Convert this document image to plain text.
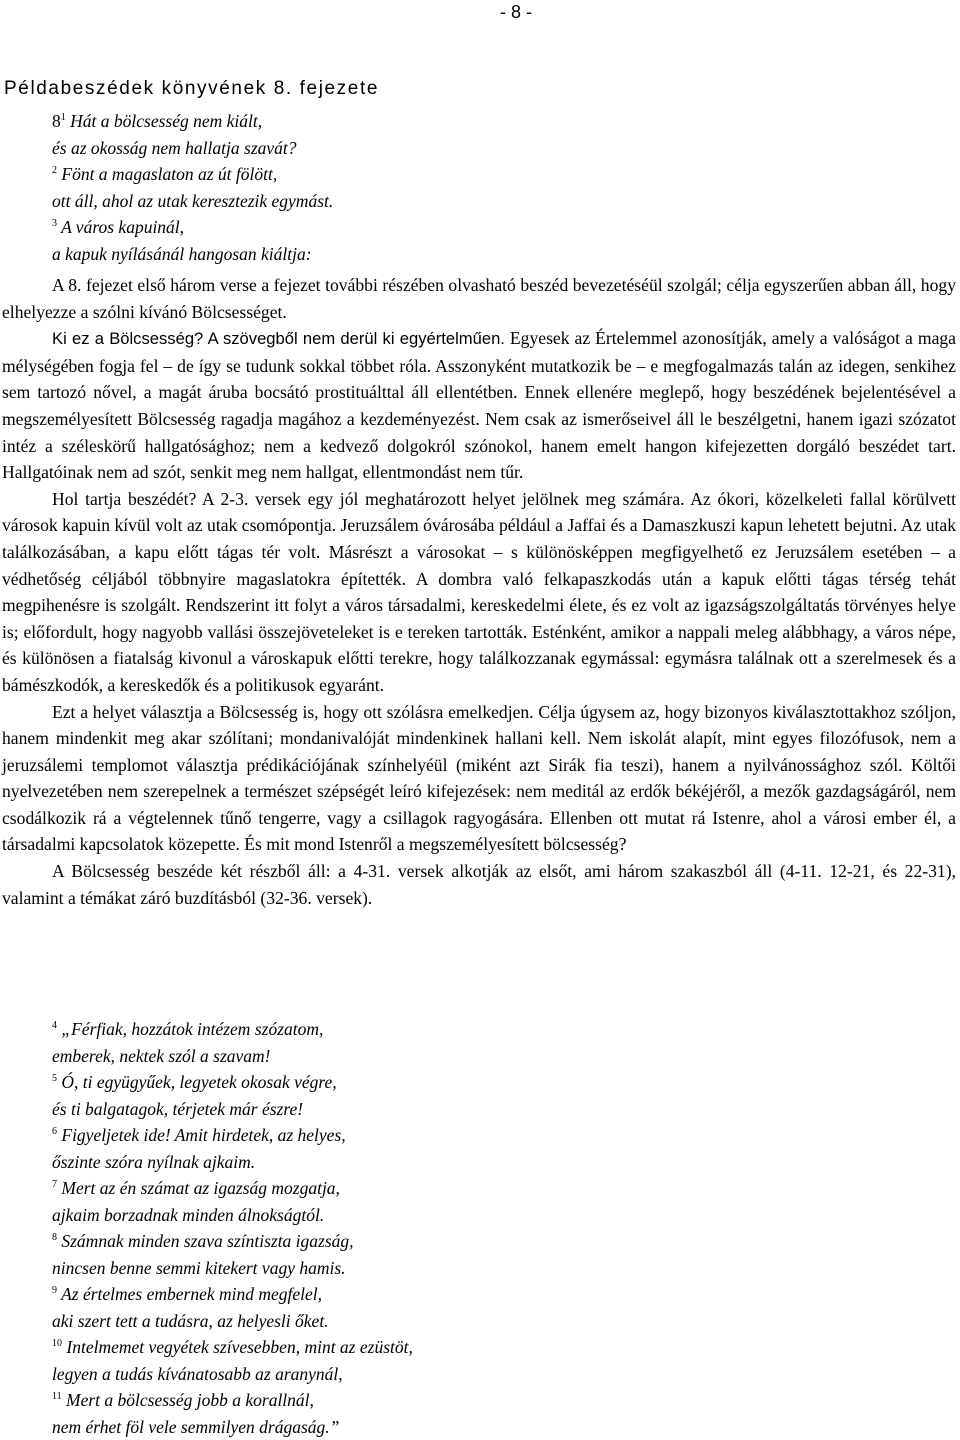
- 8 -
Példabeszédek könyvének 8. fejezete
$8^1$ Hát a bölcsesség nem kiált,
és az okosság nem hallatja szavát?
$^2$ Fönt a magaslaton az út fölött,
ott áll, ahol az utak keresztezik egymást.
$^3$ A város kapuinál,
a kapuk nyílásánál hangosan kiáltja:

A 8. fejezet első három verse a fejezet további részében olvasható beszéd bevezetéséül szolgál; célja egyszerűen abban áll, hogy elhelyezze a szólni kívánó Bölcsességet.

Ki ez a Bölcsesség? A szövegből nem derül ki egyértelműen. Egyesek az Értelemmel azonosítják, amely a valóságot a maga mélységében fogja fel – de így se tudunk sokkal többet róla. Asszonyként mutatkozik be – e megfogalmazás talán az idegen, senkihez sem tartozó nővel, a magát áruba bocsátó prostituálttal áll ellentétben. Ennek ellenére meglepő, hogy beszédének bejelentésével a megszemélyesített Bölcsesség ragadja magához a kezdeményezést. Nem csak az ismerőseivel áll le beszélgetni, hanem igazi szózatot intéz a széleskörű hallgatósághoz; nem a kedvező dolgokról szónokol, hanem emelt hangon kifejezetten dorgáló beszédet tart. Hallgatóinak nem ad szót, senkit meg nem hallgat, ellentmondást nem tűr.

Hol tartja beszédét? A 2-3. versek egy jól meghatározott helyet jelölnek meg számára. Az ókori, közelkeleti fallal körülvett városok kapuin kívül volt az utak csomópontja. Jeruzsálem óvárosába például a Jaffai és a Damaszkuszi kapun lehetett bejutni. Az utak találkozásában, a kapu előtt tágas tér volt. Másrészt a városokat – s különösképpen megfigyelhető ez Jeruzsálem esetében – a védhetőség céljából többnyire magaslatokra építették. A dombra való felkapaszkodás után a kapuk előtti tágas térség tehát megpihenésre is szolgált. Rendszerint itt folyt a város társadalmi, kereskedelmi élete, és ez volt az igazságszolgáltatás törvényes helye is; előfordult, hogy nagyobb vallási összejöveteleket is e tereken tartották. Esténként, amikor a nappali meleg alábbhagy, a város népe, és különösen a fiatalság kivonul a városkapuk előtti terekre, hogy találkozzanak egymással: egymásra találnak ott a szerelmesek és a bámészkodók, a kereskedők és a politikusok egyaránt.

Ezt a helyet választja a Bölcsesség is, hogy ott szólásra emelkedjen. Célja úgysem az, hogy bizonyos kiválasztottakhoz szóljon, hanem mindenkit meg akar szólítani; mondanivalóját mindenkinek hallani kell. Nem iskolát alapít, mint egyes filozófusok, nem a jeruzsálemi templomot választja prédikációjának színhelyéül (miként azt Sirák fia teszi), hanem a nyilvánossághoz szól. Költői nyelvezetében nem szerepelnek a természet szépségét leíró kifejezések: nem meditál az erdők békéjéről, a mezők gazdagságáról, nem csodálkozik rá a végtelennek tűnő tengerre, vagy a csillagok ragyogására. Ellenben ott mutat rá Istenre, ahol a városi ember él, a társadalmi kapcsolatok közepette. És mit mond Istenről a megszemélyesített bölcsesség?

A Bölcsesség beszéde két részből áll: a 4-31. versek alkotják az elsőt, ami három szakaszból áll (4-11. 12-21, és 22-31), valamint a témákat záró buzdításból (32-36. versek).

$^4$ „Férfiak, hozzátok intézem szózatom,
emberek, nektek szól a szavam!
$^5$ Ó, ti együgyűek, legyetek okosak végre,
és ti balgatagok, térjetek már észre!
$^6$ Figyeljetek ide! Amit hirdetek, az helyes,
őszinte szóra nyílnak ajkaim.
$^7$ Mert az én számat az igazság mozgatja,
ajkaim borzadnak minden álnokságtól.
$^8$ Számnak minden szava színtiszta igazság,
nincsen benne semmi kitekert vagy hamis.
$^9$ Az értelmes embernek mind megfelel,
aki szert tett a tudásra, az helyesli őket.
$^{10}$ Intelmemet vegyétek szívesebben, mint az ezüstöt,
legyen a tudás kívánatosabb az aranynál,
$^{11}$ Mert a bölcsesség jobb a korallnál,
nem érhet föl vele semmilyen drágaság.”
